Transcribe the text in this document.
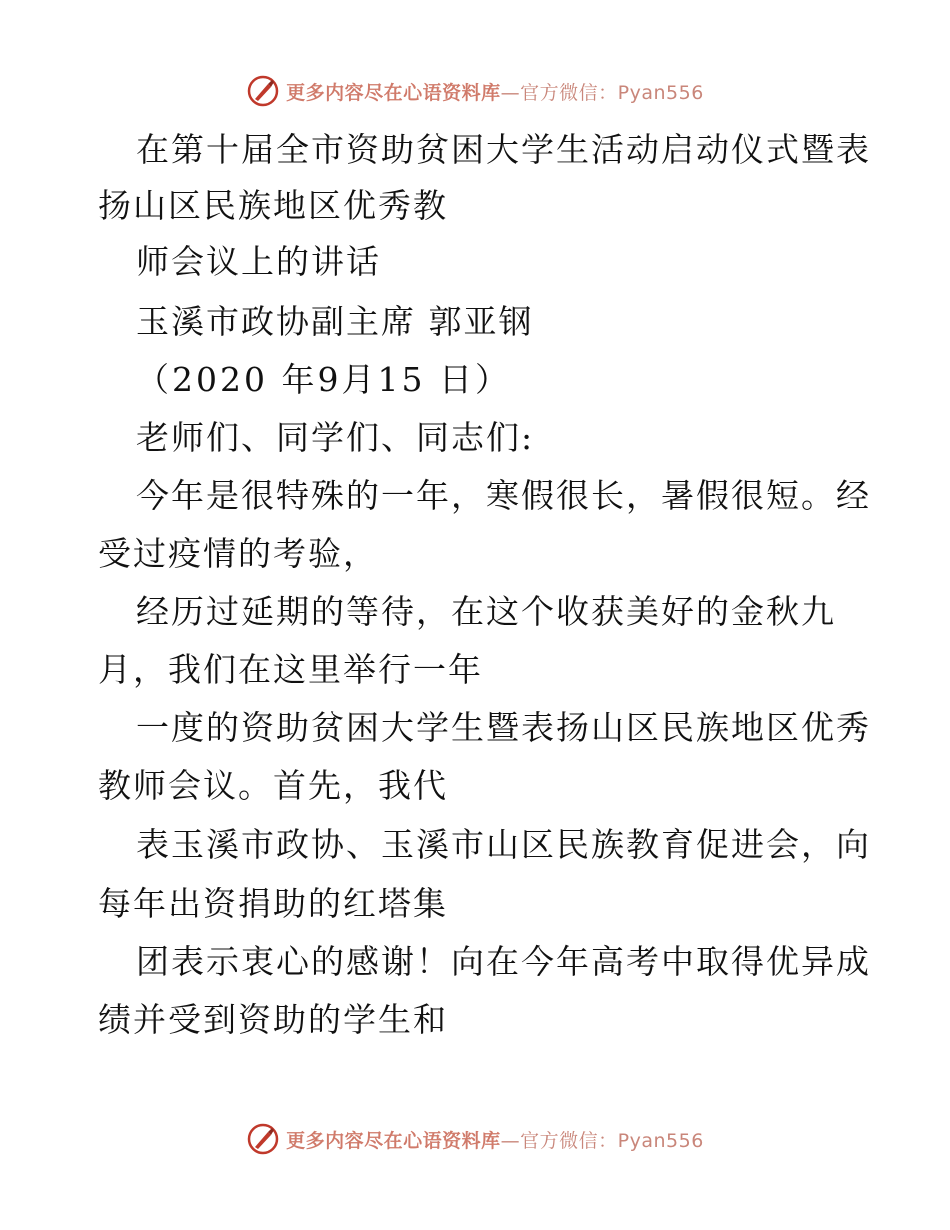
更多内容尽在心语资料库—官方微信：Pyan556
在第十届全市资助贫困大学生活动启动仪式暨表
扬山区民族地区优秀教
师会议上的讲话
玉溪市政协副主席 郭亚钢
（2020 年9月15 日）
老师们、同学们、同志们:
今年是很特殊的一年，寒假很长，暑假很短。经
受过疫情的考验，
经历过延期的等待，在这个收获美好的金秋九
月，我们在这里举行一年
一度的资助贫困大学生暨表扬山区民族地区优秀
教师会议。首先，我代
表玉溪市政协、玉溪市山区民族教育促进会，向
每年出资捐助的红塔集
团表示衷心的感谢！向在今年高考中取得优异成
绩并受到资助的学生和
更多内容尽在心语资料库—官方微信：Pyan556
